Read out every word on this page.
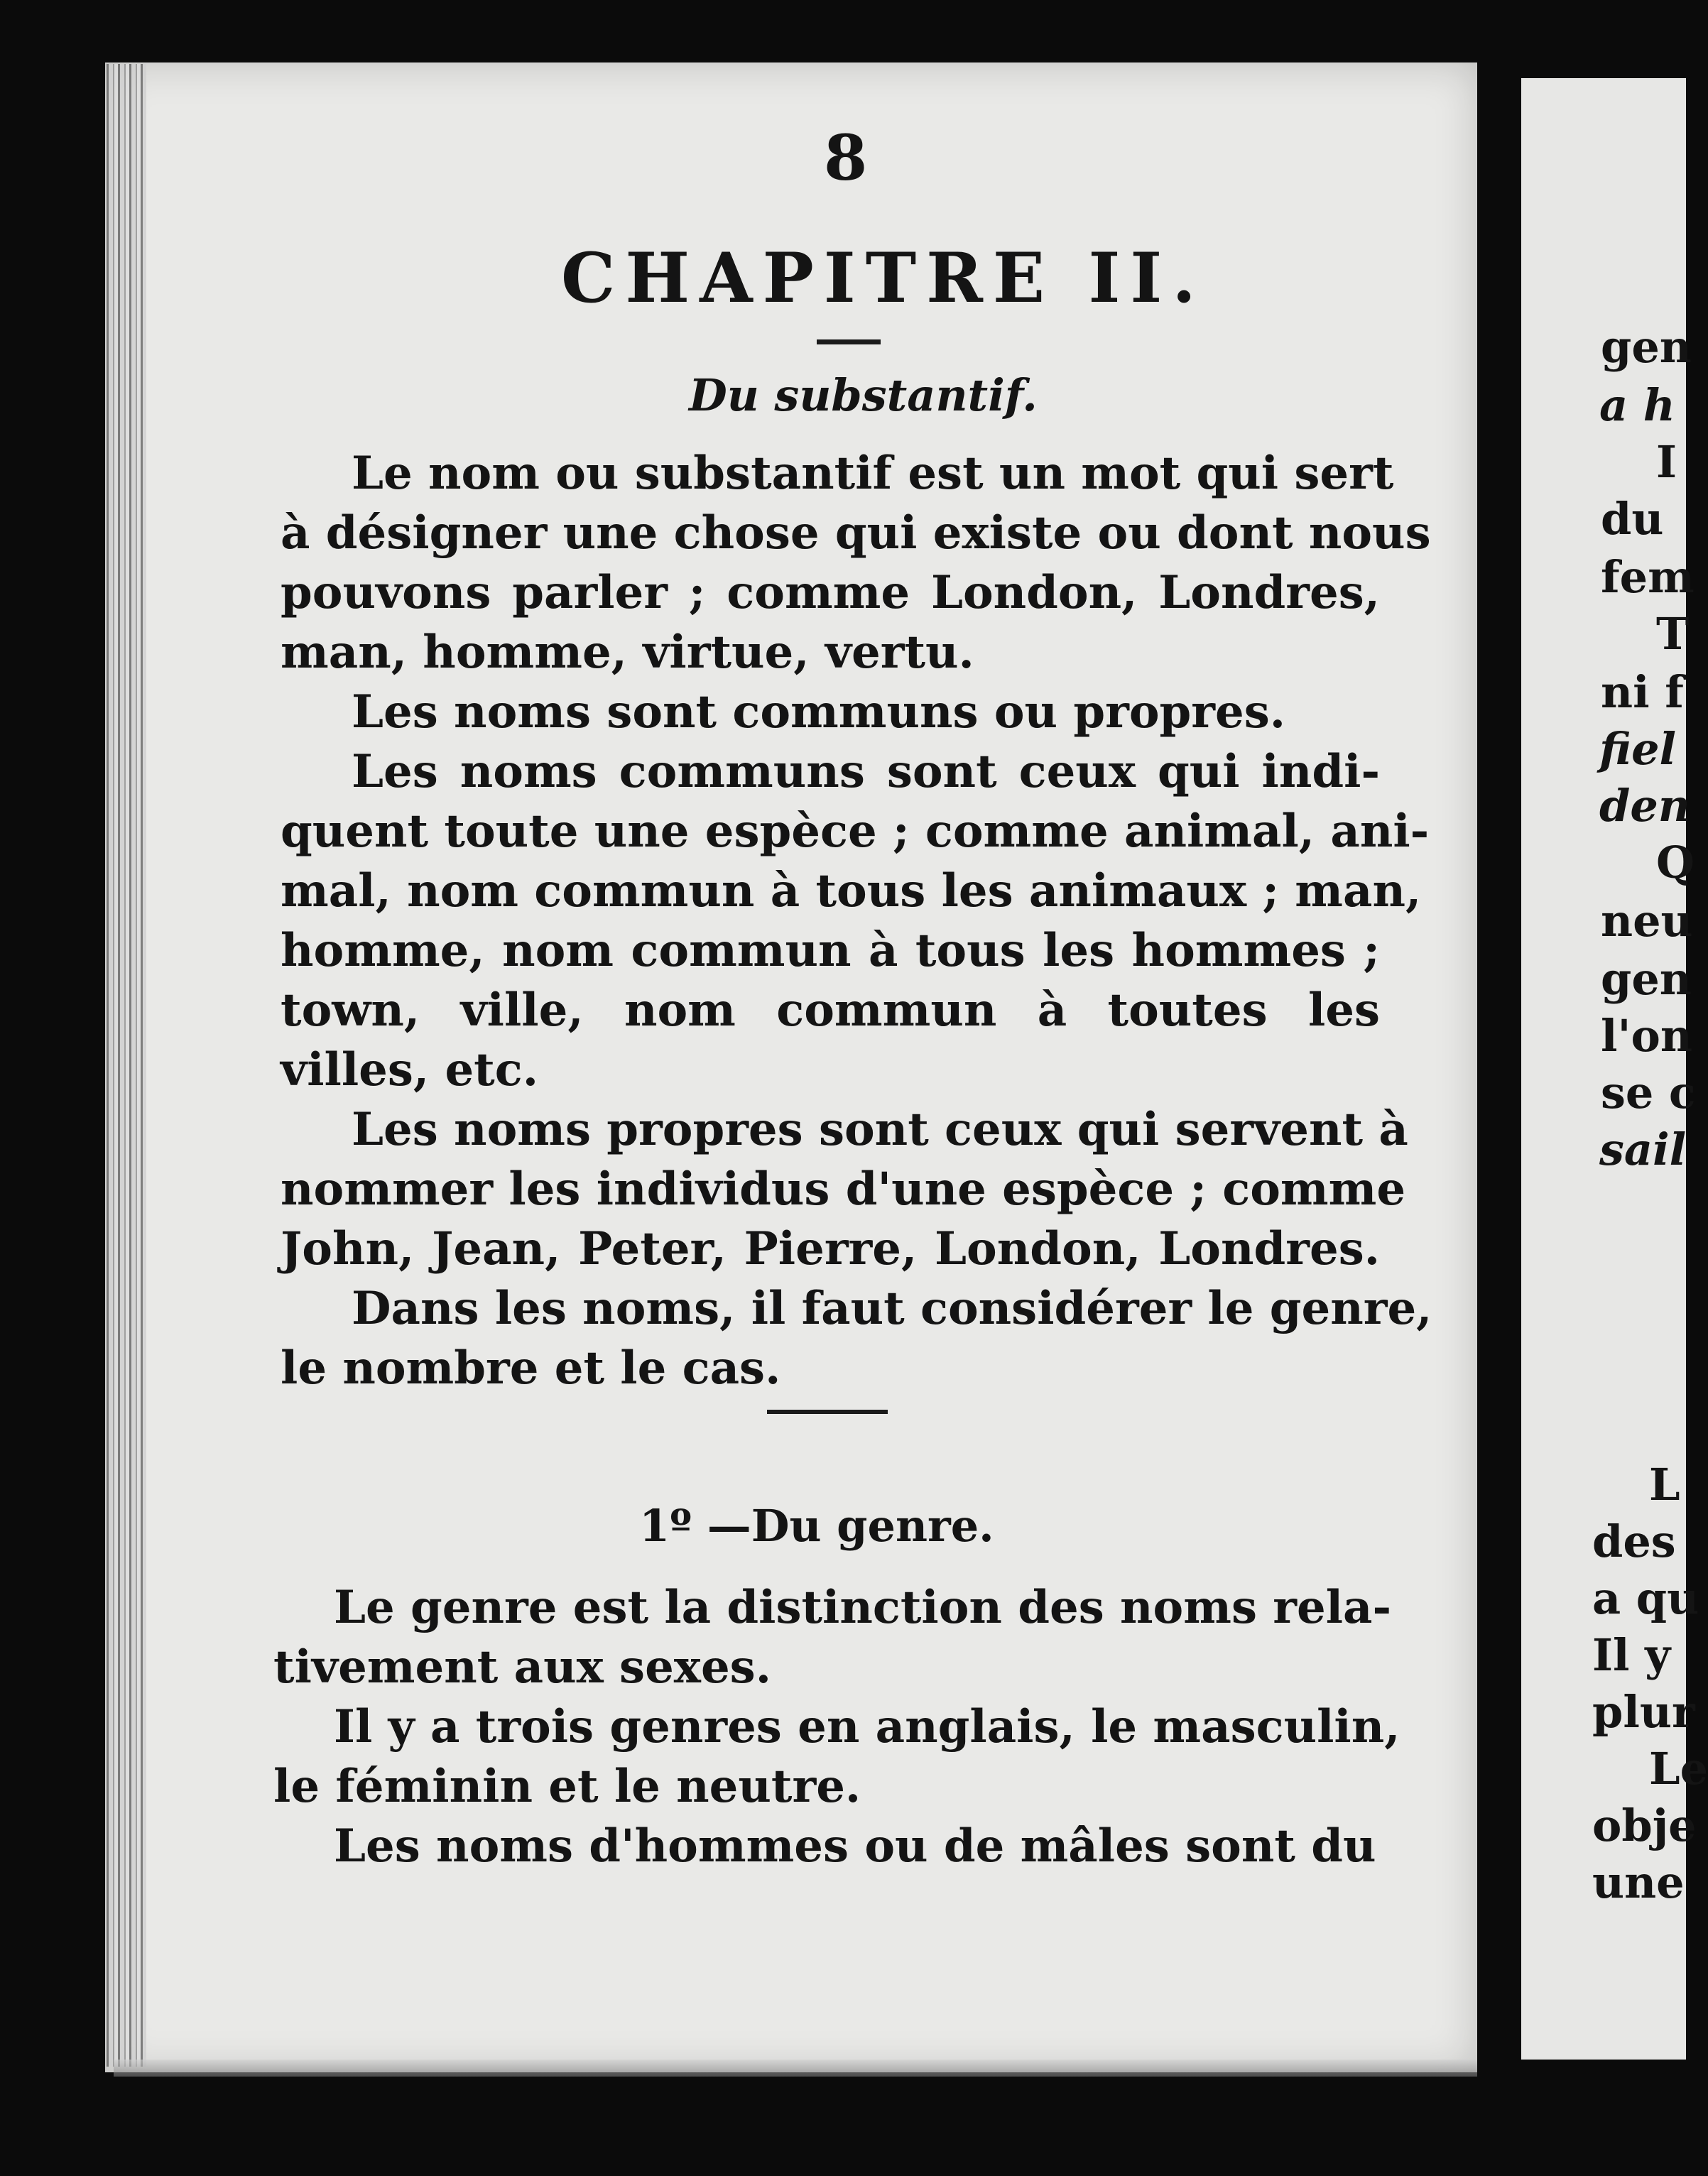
gen
a h
I
du
fem
T
ni f
fiel
den
Q
neu
gen
l'on
se c
sail
L
des
a qu
Il y
plur
Le
obje
une
8
CHAPITRE II.
Du substantif.
Le nom ou substantif est un mot qui sert
à désigner une chose qui existe ou dont nous
pouvons parler ; comme London, Londres,
man, homme, virtue, vertu.
Les noms sont communs ou propres.
Les noms communs sont ceux qui indi-
quent toute une espèce ; comme animal, ani-
mal, nom commun à tous les animaux ; man,
homme, nom commun à tous les hommes ;
town, ville, nom commun à toutes les
villes, etc.
Les noms propres sont ceux qui servent à
nommer les individus d'une espèce ; comme
John, Jean, Peter, Pierre, London, Londres.
Dans les noms, il faut considérer le genre,
le nombre et le cas.
1º —Du genre.
Le genre est la distinction des noms rela-
tivement aux sexes.
Il y a trois genres en anglais, le masculin,
le féminin et le neutre.
Les noms d'hommes ou de mâles sont du
